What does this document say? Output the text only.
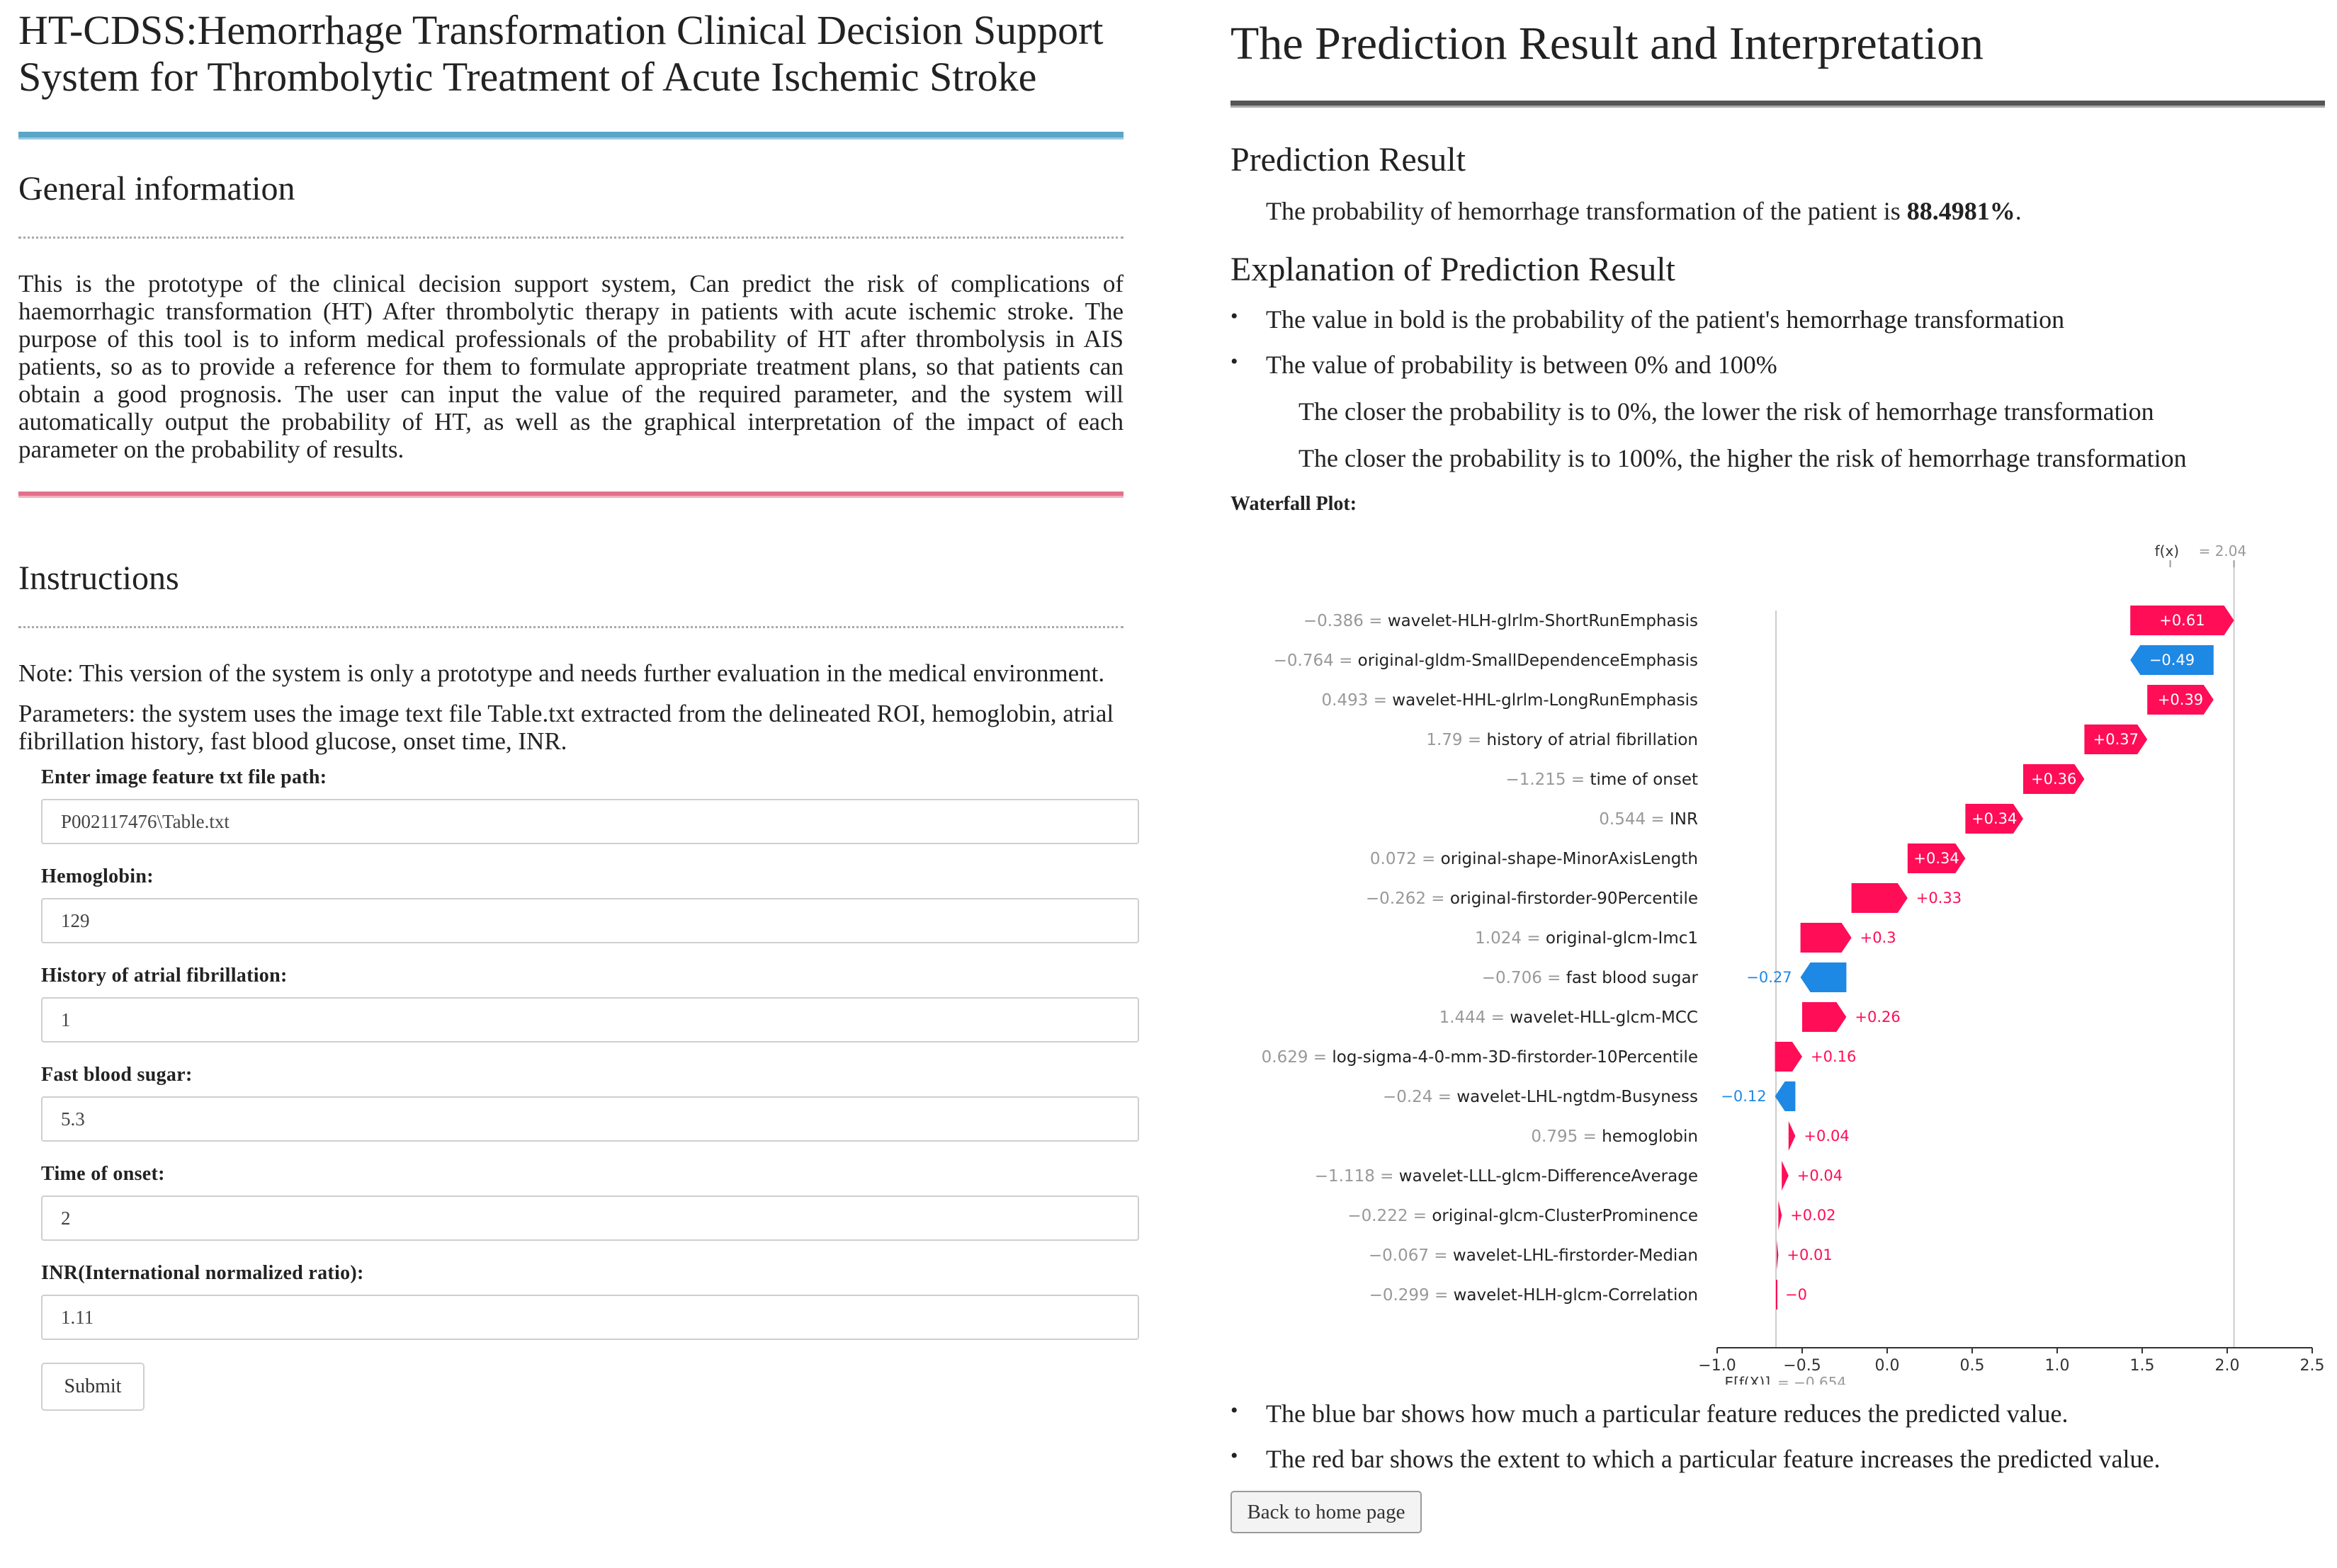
HT-CDSS:Hemorrhage Transformation Clinical Decision Support System for Thrombolytic Treatment of Acute Ischemic Stroke
General information

This is the prototype of the clinical decision support system, Can predict the risk of complications of haemorrhagic transformation (HT) After thrombolytic therapy in patients with acute ischemic stroke. The purpose of this tool is to inform medical professionals of the probability of HT after thrombolysis in AIS patients, so as to provide a reference for them to formulate appropriate treatment plans, so that patients can obtain a good prognosis. The user can input the value of the required parameter, and the system will automatically output the probability of HT, as well as the graphical interpretation of the impact of each parameter on the probability of results.

Instructions

Note: This version of the system is only a prototype and needs further evaluation in the medical environment.

Parameters: the system uses the image text file Table.txt extracted from the delineated ROI, hemoglobin, atrial fibrillation history, fast blood glucose, onset time, INR.

Enter image feature txt file path:
P002117476\Table.txt
Hemoglobin:
129
History of atrial fibrillation:
1
Fast blood sugar:
5.3
Time of onset:
2
INR(International normalized ratio):
1.11
Submit
The Prediction Result and Interpretation
Prediction Result
The probability of hemorrhage transformation of the patient is 88.4981%.
Explanation of Prediction Result
•	The value in bold is the probability of the patient's hemorrhage transformation
•	The value of probability is between 0% and 100%
The closer the probability is to 0%, the lower the risk of hemorrhage transformation
The closer the probability is to 100%, the higher the risk of hemorrhage transformation
Waterfall Plot:
f(x) = 2.04
+0.61
−0.386 = wavelet-HLH-glrlm-ShortRunEmphasis
−0.49
−0.764 = original-gldm-SmallDependenceEmphasis
+0.39
0.493 = wavelet-HHL-glrlm-LongRunEmphasis
+0.37
1.79 = history of atrial fibrillation
+0.36
−1.215 = time of onset
+0.34
0.544 = INR
+0.34
0.072 = original-shape-MinorAxisLength
+0.33
−0.262 = original-firstorder-90Percentile
+0.3
1.024 = original-glcm-Imc1
−0.27
−0.706 = fast blood sugar
+0.26
1.444 = wavelet-HLL-glcm-MCC
+0.16
0.629 = log-sigma-4-0-mm-3D-firstorder-10Percentile
−0.12
−0.24 = wavelet-LHL-ngtdm-Busyness
+0.04
0.795 = hemoglobin
+0.04
−1.118 = wavelet-LLL-glcm-DifferenceAverage
+0.02
−0.222 = original-glcm-ClusterProminence
+0.01
−0.067 = wavelet-LHL-firstorder-Median
−0
−0.299 = wavelet-HLH-glcm-Correlation
−1.0	−0.5	0.0	0.5	1.0	1.5	2.0	2.5
E[f(X)] = −0.654
•	The blue bar shows how much a particular feature reduces the predicted value.
•	The red bar shows the extent to which a particular feature increases the predicted value.
Back to home page
